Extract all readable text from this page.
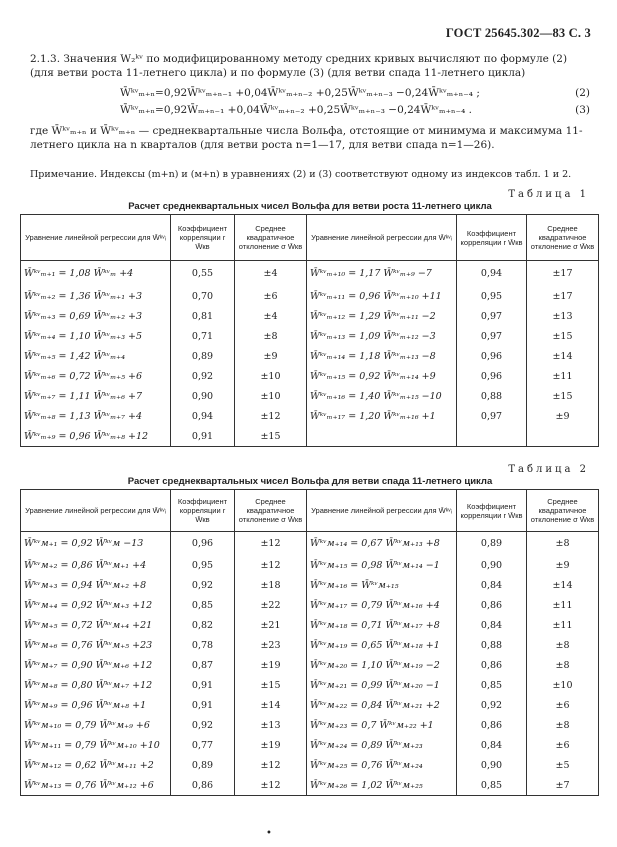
ГОСТ 25645.302—83 С. 3
2.1.3. Значения W₂ᵏᵛ по модифицированному методу средних кривых вычисляют по формуле (2) (для ветви роста 11-летнего цикла) и по формуле (3) (для ветви спада 11-летнего цикла)
W̄ᵏᵛₘ₊ₙ=0,92W̄ᵏᵛₘ₊ₙ₋₁ +0,04W̄ᵏᵛₘ₊ₙ₋₂ +0,25W̄ᵏᵛₘ₊ₙ₋₃ −0,24W̄ᵏᵛₘ₊ₙ₋₄ ;	(2)
W̄ᵏᵛₘ₊ₙ=0,92W̄ₘ₊ₙ₋₁ +0,04W̄ᵏᵛₘ₊ₙ₋₂ +0,25W̄ᵏᵛₘ₊ₙ₋₃ −0,24W̄ᵏᵛₘ₊ₙ₋₄ .	(3)
где W̄ᵏᵛₘ₊ₙ и W̄ᵏᵛₘ₊ₙ — среднеквартальные числа Вольфа, отстоящие от минимума и максимума 11-летнего цикла на n кварталов (для ветви роста n=1—17, для ветви спада n=1—26).
Примечание. Индексы (m+n) и (м+n) в уравнениях (2) и (3) соответствуют одному из индексов табл. 1 и 2.
Таблица 1
Расчет среднеквартальных чисел Вольфа для ветви роста 11-летнего цикла
Уравнение линейной регрессии для W̄ᵏᵛᵢ	Коэффициент корреляции r W̄кв	Среднее квадратичное отклонение σ W̄кв	Уравнение линейной регрессии для W̄ᵏᵛᵢ	Коэффициент корреляции r W̄кв	Среднее квадратичное отклонение σ W̄кв
W̄ᵏᵛₘ₊₁ = 1,08 W̄ᵏᵛₘ +4	0,55	±4	W̄ᵏᵛₘ₊₁₀ = 1,17 W̄ᵏᵛₘ₊₉ −7	0,94	±17
W̄ᵏᵛₘ₊₂ = 1,36 W̄ᵏᵛₘ₊₁ +3	0,70	±6	W̄ᵏᵛₘ₊₁₁ = 0,96 W̄ᵏᵛₘ₊₁₀ +11	0,95	±17
W̄ᵏᵛₘ₊₃ = 0,69 W̄ᵏᵛₘ₊₂ +3	0,81	±4	W̄ᵏᵛₘ₊₁₂ = 1,29 W̄ᵏᵛₘ₊₁₁ −2	0,97	±13
W̄ᵏᵛₘ₊₄ = 1,10 W̄ᵏᵛₘ₊₃ +5	0,71	±8	W̄ᵏᵛₘ₊₁₃ = 1,09 W̄ᵏᵛₘ₊₁₂ −3	0,97	±15
W̄ᵏᵛₘ₊₅ = 1,42 W̄ᵏᵛₘ₊₄	0,89	±9	W̄ᵏᵛₘ₊₁₄ = 1,18 W̄ᵏᵛₘ₊₁₃ −8	0,96	±14
W̄ᵏᵛₘ₊₆ = 0,72 W̄ᵏᵛₘ₊₅ +6	0,92	±10	W̄ᵏᵛₘ₊₁₅ = 0,92 W̄ᵏᵛₘ₊₁₄ +9	0,96	±11
W̄ᵏᵛₘ₊₇ = 1,11 W̄ᵏᵛₘ₊₆ +7	0,90	±10	W̄ᵏᵛₘ₊₁₆ = 1,40 W̄ᵏᵛₘ₊₁₅ −10	0,88	±15
W̄ᵏᵛₘ₊₈ = 1,13 W̄ᵏᵛₘ₊₇ +4	0,94	±12	W̄ᵏᵛₘ₊₁₇ = 1,20 W̄ᵏᵛₘ₊₁₆ +1	0,97	±9
W̄ᵏᵛₘ₊₉ = 0,96 W̄ᵏᵛₘ₊₈ +12	0,91	±15			
Таблица 2
Расчет среднеквартальных чисел Вольфа для ветви спада 11-летнего цикла
Уравнение линейной регрессии для W̄ᵏᵛᵢ	Коэффициент корреляции r W̄кв	Среднее квадратичное отклонение σ W̄кв	Уравнение линейной регрессии для W̄ᵏᵛᵢ	Коэффициент корреляции r W̄кв	Среднее квадратичное отклонение σ W̄кв
W̄ᵏᵛм₊₁ = 0,92 W̄ᵏᵛм −13	0,96	±12	W̄ᵏᵛм₊₁₄ = 0,67 W̄ᵏᵛм₊₁₃ +8	0,89	±8
W̄ᵏᵛм₊₂ = 0,86 W̄ᵏᵛм₊₁ +4	0,95	±12	W̄ᵏᵛм₊₁₅ = 0,98 W̄ᵏᵛм₊₁₄ −1	0,90	±9
W̄ᵏᵛм₊₃ = 0,94 W̄ᵏᵛм₊₂ +8	0,92	±18	W̄ᵏᵛм₊₁₆ = W̄ᵏᵛм₊₁₅	0,84	±14
W̄ᵏᵛм₊₄ = 0,92 W̄ᵏᵛм₊₃ +12	0,85	±22	W̄ᵏᵛм₊₁₇ = 0,79 W̄ᵏᵛм₊₁₆ +4	0,86	±11
W̄ᵏᵛм₊₅ = 0,72 W̄ᵏᵛм₊₄ +21	0,82	±21	W̄ᵏᵛм₊₁₈ = 0,71 W̄ᵏᵛм₊₁₇ +8	0,84	±11
W̄ᵏᵛм₊₆ = 0,76 W̄ᵏᵛм₊₅ +23	0,78	±23	W̄ᵏᵛм₊₁₉ = 0,65 W̄ᵏᵛм₊₁₈ +1	0,88	±8
W̄ᵏᵛм₊₇ = 0,90 W̄ᵏᵛм₊₆ +12	0,87	±19	W̄ᵏᵛм₊₂₀ = 1,10 W̄ᵏᵛм₊₁₉ −2	0,86	±8
W̄ᵏᵛм₊₈ = 0,80 W̄ᵏᵛм₊₇ +12	0,91	±15	W̄ᵏᵛм₊₂₁ = 0,99 W̄ᵏᵛм₊₂₀ −1	0,85	±10
W̄ᵏᵛм₊₉ = 0,96 W̄ᵏᵛм₊₈ +1	0,91	±14	W̄ᵏᵛм₊₂₂ = 0,84 W̄ᵏᵛм₊₂₁ +2	0,92	±6
W̄ᵏᵛм₊₁₀ = 0,79 W̄ᵏᵛм₊₉ +6	0,92	±13	W̄ᵏᵛм₊₂₃ = 0,7 W̄ᵏᵛм₊₂₂ +1	0,86	±8
W̄ᵏᵛм₊₁₁ = 0,79 W̄ᵏᵛм₊₁₀ +10	0,77	±19	W̄ᵏᵛм₊₂₄ = 0,89 W̄ᵏᵛм₊₂₃	0,84	±6
W̄ᵏᵛм₊₁₂ = 0,62 W̄ᵏᵛм₊₁₁ +2	0,89	±12	W̄ᵏᵛм₊₂₅ = 0,76 W̄ᵏᵛм₊₂₄	0,90	±5
W̄ᵏᵛм₊₁₃ = 0,76 W̄ᵏᵛм₊₁₂ +6	0,86	±12	W̄ᵏᵛм₊₂₆ = 1,02 W̄ᵏᵛм₊₂₅	0,85	±7
•
